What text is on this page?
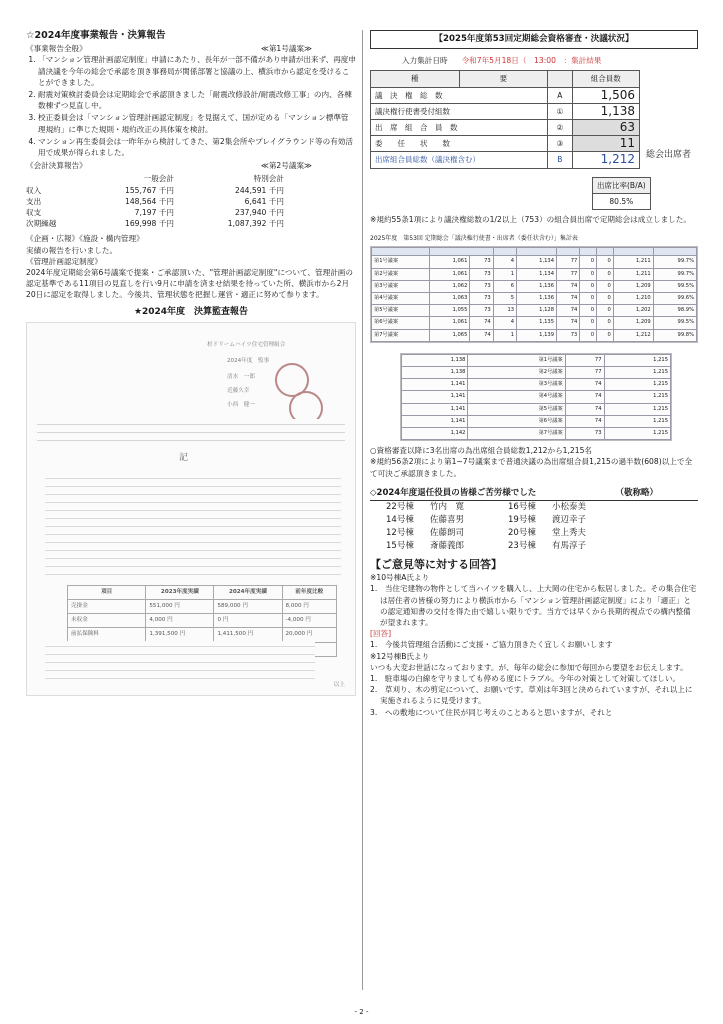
☆2024年度事業報告・決算報告
《事業報告全般》	≪第1号議案≫
1. 「マンション管理計画認定制度」申請にあたり、長年が一部不備があり申請が出来ず、再度申請決議を今年の総会で承認を頂き事務局が関係部署と協議の上、横浜市から認定を受けることができました。
2. 耐震対策検討委員会は定期総会で承認頂きました「耐震改修設計/耐震改修工事」の内、各棟数棟ずつ見直し中。
3. 校正委員会は「マンション管理計画認定制度」を見据えて、国が定める「マンション標準管理規約」に準じた規則・規約改正の具体策を検討。
4. マンション再生委員会は一昨年から検討してきた、第2集会所やプレイグラウンド等の有効活用で成果が得られました。
《会計決算報告》	≪第2号議案≫
一般会計	特別会計
収入	155,767 千円	244,591 千円
支出	148,564 千円	6,641 千円
収支	7,197 千円	237,940 千円
次期繰越	169,998 千円	1,087,392 千円
《企画・広報》《施設・構内管理》
実績の報告を行いました。
《管理計画認定制度》
2024年度定期総会第6号議案で提案・ご承認頂いた、"管理計画認定制度"について、管理計画の認定基準である11項目の見直しを行い9月に申請を済ませ結果を待っていた所、横浜市から2月20日に認定を取得しました。今後共、管理状態を把握し運営・適正に努めて参ります。
★2024年度　決算監査報告
杉ドリームハイツ住宅管理組合
2024年度　監事
清水　一郎
近藤久幸
小西　健一
記
項目	2023年度実績	2024年度実績	前年度比較
売掛金	551,000 円	589,000 円	8,000 円
未収金	4,000 円	0 円	-4,000 円
前払保険料	1,391,500 円	1,411,500 円	20,000 円

以上
【2025年度第53回定期総会資格審査・決議状況】
入力集計日時 令和7年5月18日（　13:00　：集計結果
種	要		組合員数
議　決　権　総　数		A	1,506
議決権行使書受付組数		①	1,138
出　席　組　合　員　数		②	63
委　　任　　状　　数		③	11
出席組合員総数（議決権含む）		B	1,212 総会出席者
出席比率(B/A)
80.5%
※規約55条1項により議決権総数の1/2以上（753）の組合員出席で定期総会は成立しました。
2025年度　第53回 定期総会「議決権行使書・出席者（委任状含む）」集計表

第1号議案	1,061	73	4	1,134	77	0	0	1,211	99.7%
第2号議案	1,061	73	1	1,134	77	0	0	1,211	99.7%
第3号議案	1,062	73	6	1,136	74	0	0	1,209	99.5%
第4号議案	1,063	73	5	1,136	74	0	0	1,210	99.6%
第5号議案	1,055	73	13	1,128	74	0	0	1,202	98.9%
第6号議案	1,061	74	4	1,135	74	0	0	1,209	99.5%
第7号議案	1,065	74	1	1,139	73	0	0	1,212	99.8%
1,138	第1号議案	77	1,215
1,138	第2号議案	77	1,215
1,141	第3号議案	74	1,215
1,141	第4号議案	74	1,215
1,141	第5号議案	74	1,215
1,141	第6号議案	74	1,215
1,142	第7号議案	73	1,215
○資格審査以降に3名出席の為出席組合員総数1,212から1,215名
※規約56条2項により第1~7号議案まで普通決議の為出席組合員1,215の過半数(608)以上で全て可決ご承認頂きました。
◇2024年度退任役員の皆様ご苦労様でした	（敬称略）
22号棟	竹内　寛	16号棟	小松泰美
14号棟	佐藤喜男	19号棟	渡辺幸子
12号棟	佐藤朗司	20号棟	堂上秀夫
15号棟	斎藤義郎	23号棟	有馬淳子
【ご意見等に対する回答】
※10号棟A氏より
1.　当住宅建物の物件として当ハイツを購入し、上大岡の住宅から転居しました。その集合住宅は居住者の皆様の努力により横浜市から「マンション管理計画認定制度」により「適正」との認定通知書の交付を得た由で嬉しい限りです。当方では早くから長期的視点での構内整備が望まれます。
[回答]
1.　今後共管理組合活動にご支援・ご協力頂きたく宜しくお願いします
※12号棟B氏より
いつも大変お世話になっております。が、毎年の総会に参加で毎回から要望をお伝えします。
1.　駐車場の白線を守りましても停める度にトラブル。今年の対策として対策してほしい。
2.　草刈り、木の剪定について、お願いです。草刈は年3回と決められていますが、それ以上に実施されるように見受けます。
3.　への敷地について住民が同じ考えのことあると思いますが、それと
- 2 -
